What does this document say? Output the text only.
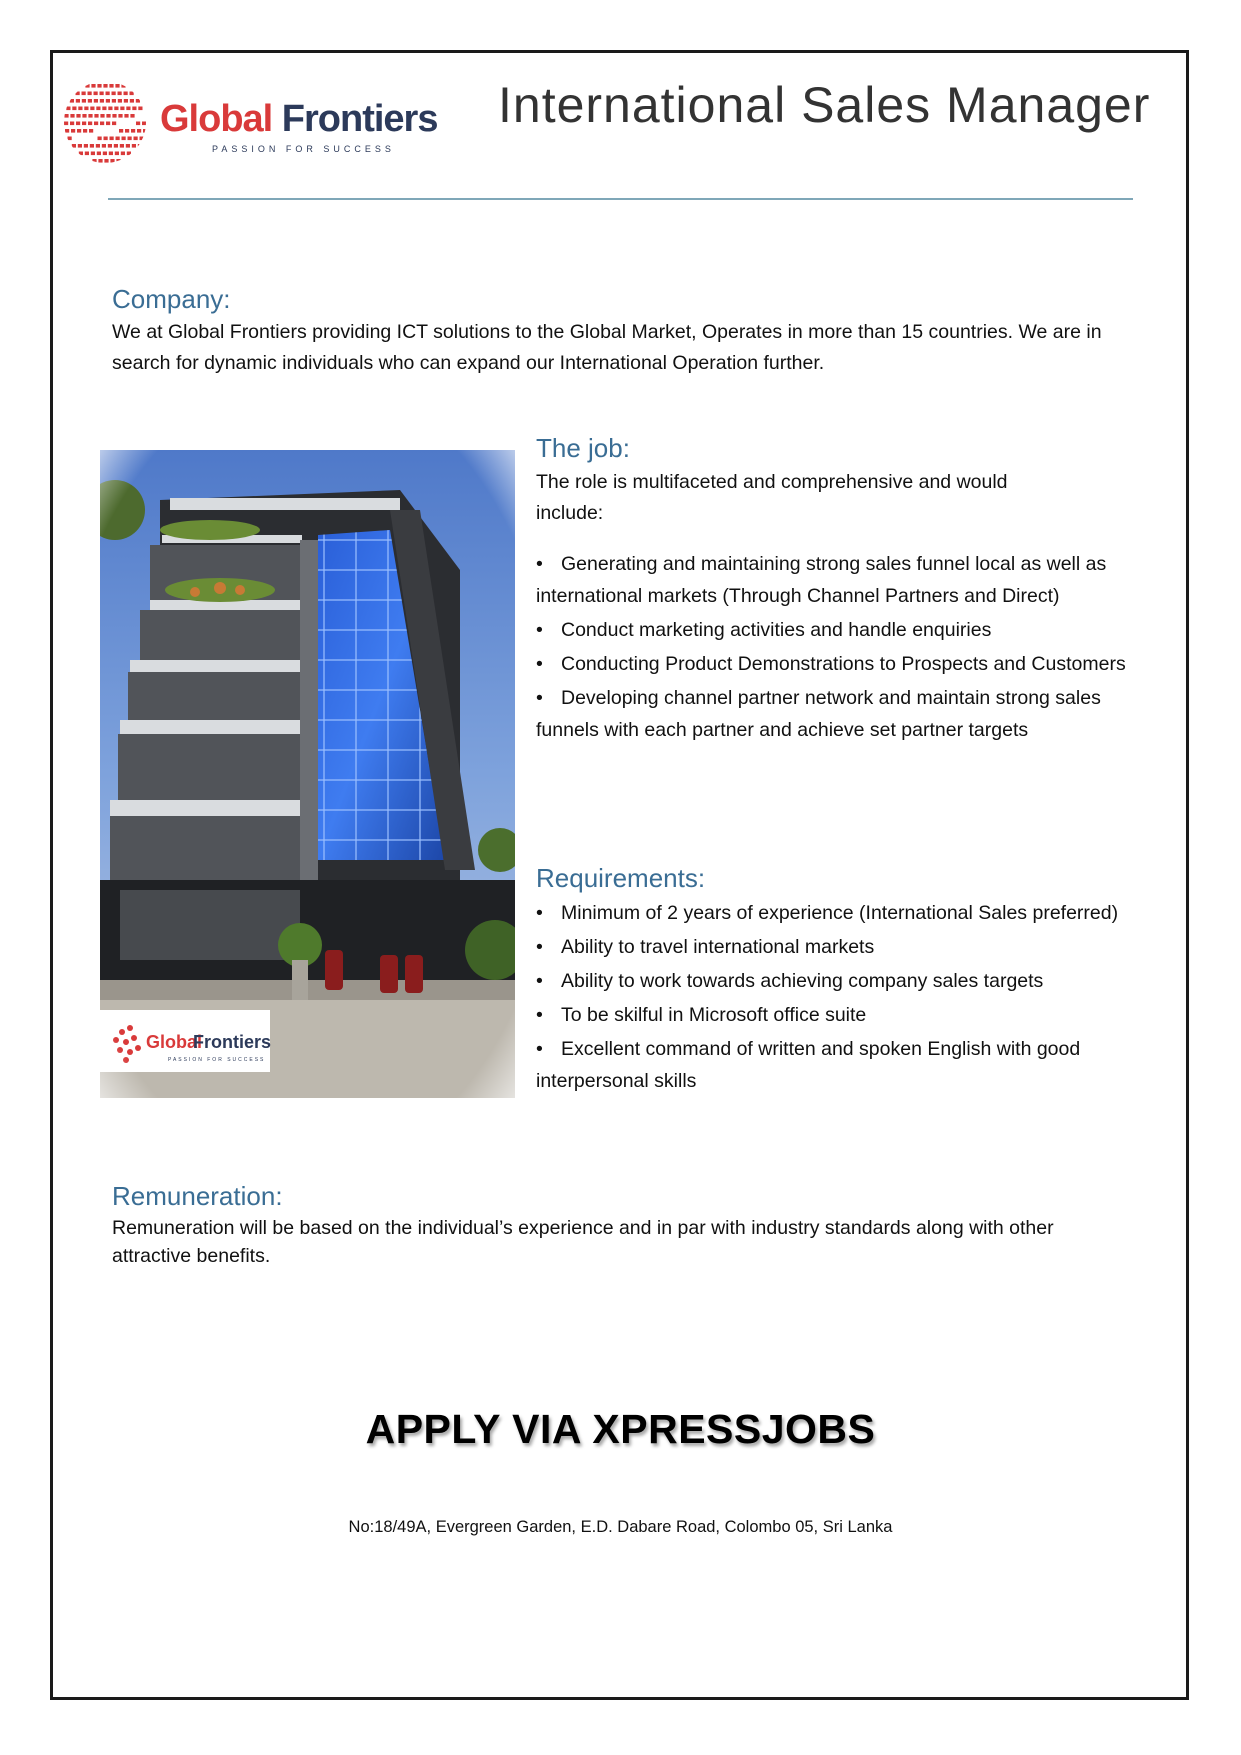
Global Frontiers
PASSION FOR SUCCESS
International Sales Manager
Company:

We at Global Frontiers providing ICT solutions to the Global Market, Operates in more than 15 countries. We are in search for dynamic individuals who can expand our International Operation further.

The job:

The role is multifaceted and comprehensive and would include:

• Generating and maintaining strong sales funnel local as well as international markets (Through Channel Partners and Direct)
• Conduct marketing activities and handle enquiries
• Conducting Product Demonstrations to Prospects and Customers
• Developing channel partner network and maintain strong sales funnels with each partner and achieve set partner targets
Requirements:
• Minimum of 2 years of experience (International Sales preferred)
• Ability to travel international markets
• Ability to work towards achieving company sales targets
• To be skilful in Microsoft office suite
• Excellent command of written and spoken English with good interpersonal skills
Remuneration:

Remuneration will be based on the individual’s experience and in par with industry standards along with other attractive benefits.

APPLY VIA XPRESSJOBS

No:18/49A, Evergreen Garden, E.D. Dabare Road, Colombo 05, Sri Lanka
